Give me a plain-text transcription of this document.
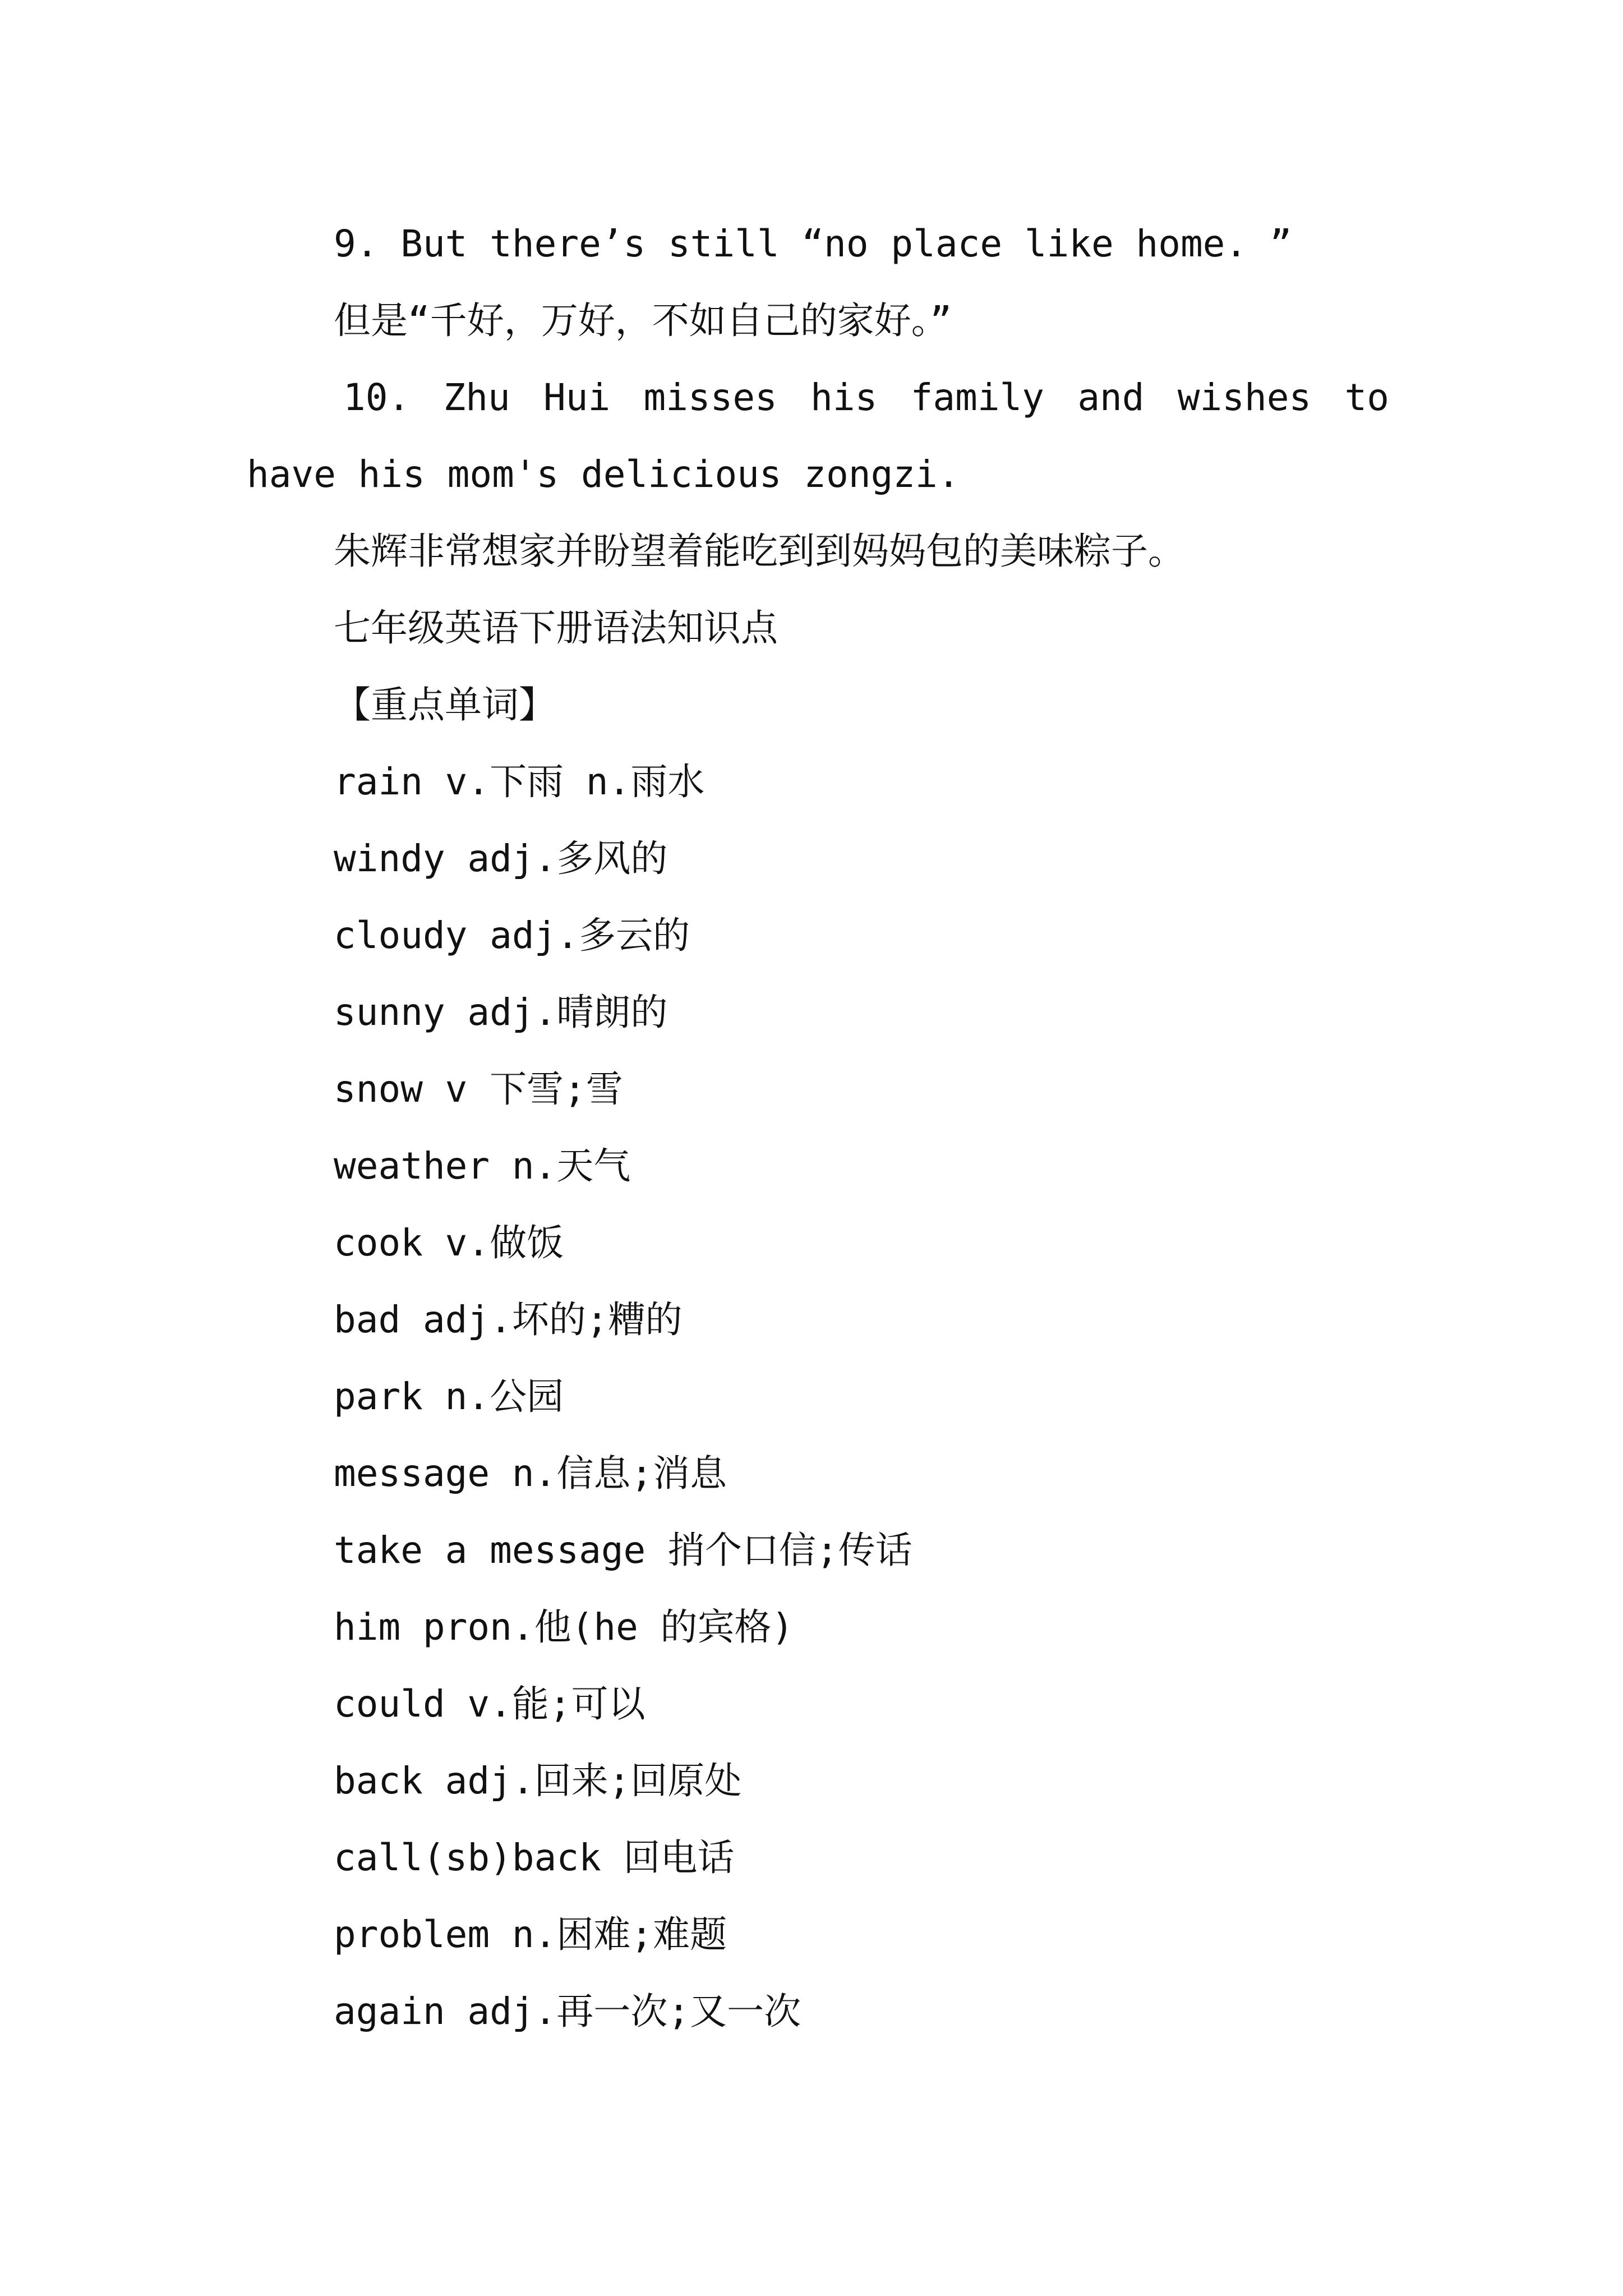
9. But there’s still “no place like home. ”
但是“千好，万好，不如自己的家好。”
10. Zhu Hui misses his family and wishes to
have his mom's delicious zongzi.
朱辉非常想家并盼望着能吃到到妈妈包的美味粽子。
七年级英语下册语法知识点
【重点单词】
rain v.下雨 n.雨水
windy adj.多风的
cloudy adj.多云的
sunny adj.晴朗的
snow v 下雪;雪
weather n.天气
cook v.做饭
bad adj.坏的;糟的
park n.公园
message n.信息;消息
take a message 捎个口信;传话
him pron.他(he 的宾格)
could v.能;可以
back adj.回来;回原处
call(sb)back 回电话
problem n.困难;难题
again adj.再一次;又一次
